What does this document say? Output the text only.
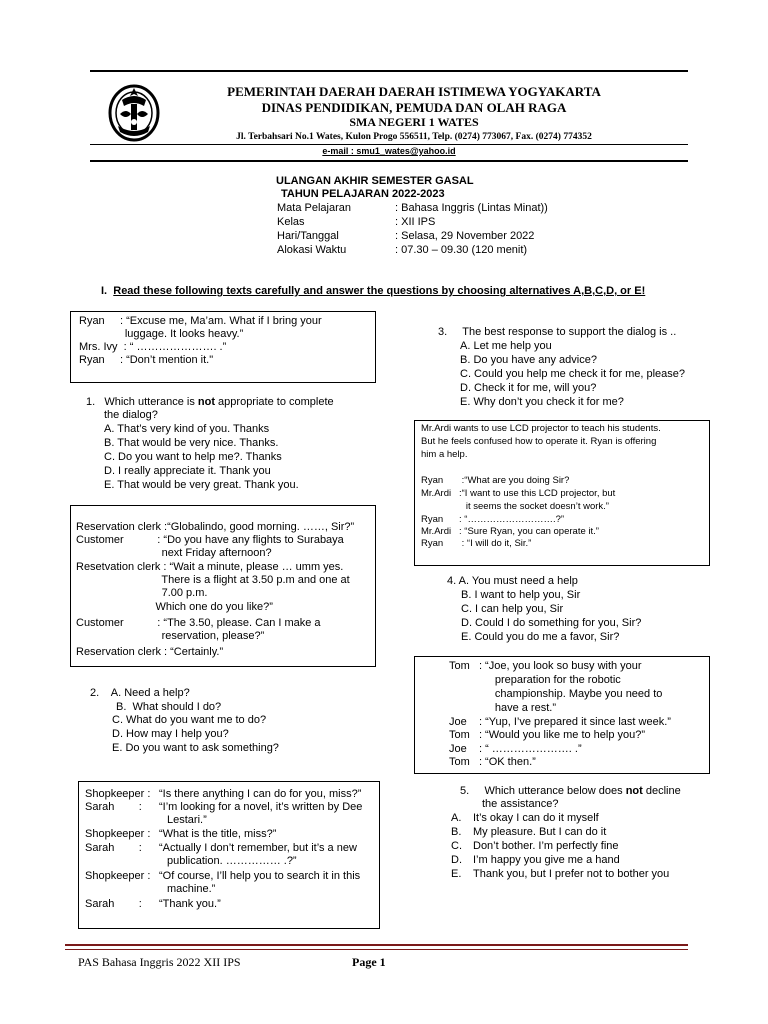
PEMERINTAH DAERAH DAERAH ISTIMEWA YOGYAKARTA
DINAS PENDIDIKAN, PEMUDA DAN OLAH RAGA
SMA NEGERI 1 WATES
Jl. Terbahsari No.1 Wates, Kulon Progo 556511, Telp. (0274) 773067, Fax. (0274) 774352
e-mail : smu1_wates@yahoo.id
ULANGAN AKHIR SEMESTER GASAL
TAHUN PELAJARAN 2022-2023
Mata Pelajaran	: Bahasa Inggris (Lintas Minat))
Kelas	: XII IPS
Hari/Tanggal	: Selasa, 29 November 2022
Alokasi Waktu	: 07.30 – 09.30 (120 menit)
I. Read these following texts carefully and answer the questions by choosing alternatives A,B,C,D, or E!
Ryan     : “Excuse me, Ma’am. What if I bring your
luggage. It looks heavy.”
Mrs. Ivy  : “ …………………. .”
Ryan     : “Don’t mention it."
1.   Which utterance is not appropriate to complete
the dialog?
A. That’s very kind of you. Thanks
B. That would be very nice. Thanks.
C. Do you want to help me?. Thanks
D. I really appreciate it. Thank you
E. That would be very great. Thank you.
Reservation clerk :“Globalindo, good morning. ……, Sir?”
Customer           : “Do you have any flights to Surabaya
next Friday afternoon?
Resetvation clerk : “Wait a minute, please … umm yes.
There is a flight at 3.50 p.m and one at
7.00 p.m.
Which one do you like?”
Customer           : “The 3.50, please. Can I make a
reservation, please?”
Reservation clerk : “Certainly.”
2.    A. Need a help?
B.  What should I do?
C. What do you want me to do?
D. How may I help you?
E. Do you want to ask something?
Shopkeeper : “Is there anything I can do for you, miss?”
Sarah        : “I’m looking for a novel, it’s written by Dee
Lestari.”
Shopkeeper : “What is the title, miss?”
Sarah        : “Actually I don’t remember, but it’s a new
publication. …………… .?”
Shopkeeper : “Of course, I’ll help you to search it in this
machine.”
Sarah        : “Thank you.”
3.     The best response to support the dialog is ..
A. Let me help you
B. Do you have any advice?
C. Could you help me check it for me, please?
D. Check it for me, will you?
E. Why don’t you check it for me?
Mr.Ardi wants to use LCD projector to teach his students.
But he feels confused how to operate it. Ryan is offering
him a help.
Ryan       :“What are you doing Sir?
Mr.Ardi   :“I want to use this LCD projector, but
it seems the socket doesn’t work.”
Ryan      : “……………………….?”
Mr.Ardi   : “Sure Ryan, you can operate it.”
Ryan       : “I will do it, Sir.”
4. A. You must need a help
B. I want to help you, Sir
C. I can help you, Sir
D. Could I do something for you, Sir?
E. Could you do me a favor, Sir?
Tom   : “Joe, you look so busy with your
preparation for the robotic
championship. Maybe you need to
have a rest.”
Joe    : “Yup, I’ve prepared it since last week.”
Tom   : “Would you like me to help you?”
Joe    : “ …………………. .”
Tom   : “OK then.”
5.     Which utterance below does not decline
the assistance?
A. It’s okay I can do it myself
B. My pleasure. But I can do it
C. Don’t bother. I’m perfectly fine
D. I’m happy you give me a hand
E. Thank you, but I prefer not to bother you
PAS Bahasa Inggris 2022 XII IPS	Page 1
